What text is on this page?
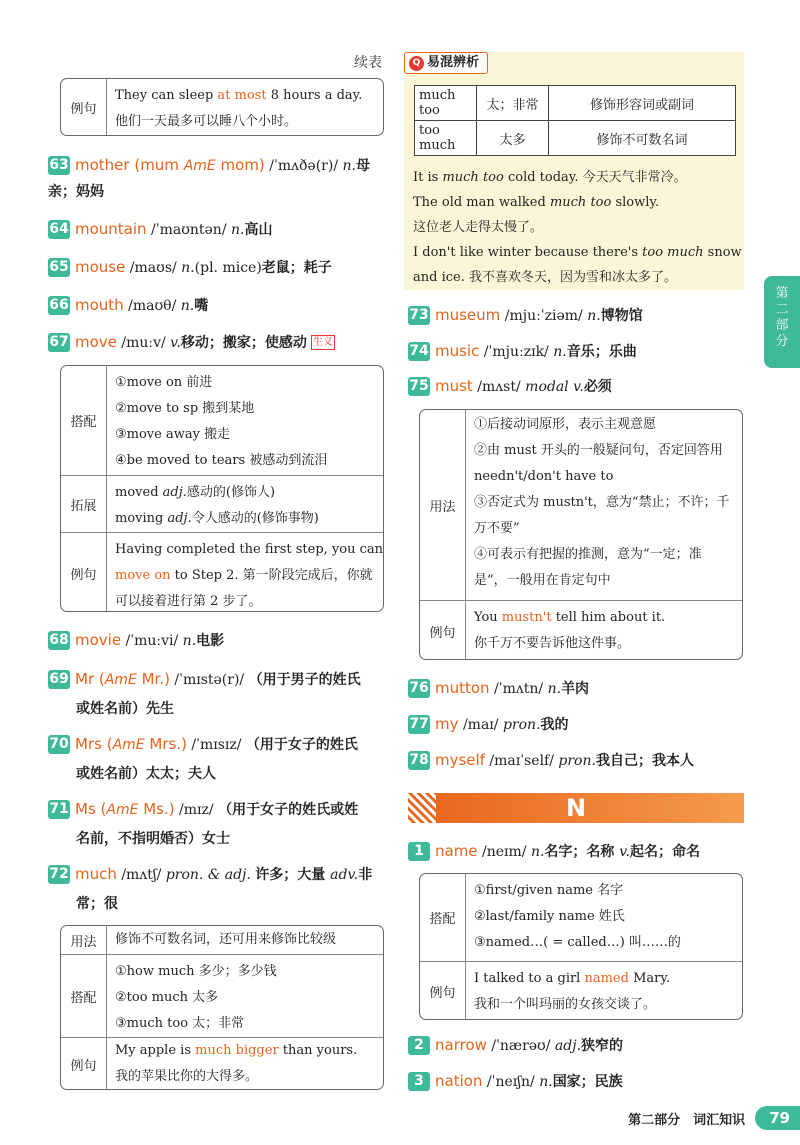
续表
例句
They can sleep at most 8 hours a day.
他们一天最多可以睡八个小时。
63 mother (mum AmE mom) /ˈmʌðə(r)/ n.母亲；妈妈
64 mountain /ˈmaʊntən/ n.高山
65 mouse /maʊs/ n.(pl. mice)老鼠；耗子
66 mouth /maʊθ/ n.嘴
67 move /muːv/ v.移动；搬家；使感动 生义
搭配
①move on 前进
②move to sp 搬到某地
③move away 搬走
④be moved to tears 被感动到流泪
拓展
moved adj.感动的(修饰人)
moving adj.令人感动的(修饰事物)
例句
Having completed the first step, you can
move on to Step 2. 第一阶段完成后，你就
可以接着进行第 2 步了。
68 movie /ˈmuːvi/ n.电影
69 Mr (AmE Mr.) /ˈmɪstə(r)/ （用于男子的姓氏
或姓名前）先生
70 Mrs (AmE Mrs.) /ˈmɪsɪz/ （用于女子的姓氏
或姓名前）太太；夫人
71 Ms (AmE Ms.) /mɪz/ （用于女子的姓氏或姓
名前，不指明婚否）女士
72 much /mʌtʃ/ pron. & adj. 许多；大量 adv.非
常；很
用法	修饰不可数名词，还可用来修饰比较级
搭配
①how much 多少；多少钱
②too much 太多
③much too 太；非常
例句
My apple is much bigger than yours.
我的苹果比你的大得多。
much too	太；非常	修饰形容词或副词
too much	太多	修饰不可数名词
It is much too cold today. 今天天气非常冷。
The old man walked much too slowly.
这位老人走得太慢了。
I don't like winter because there's too much snow
and ice. 我不喜欢冬天，因为雪和冰太多了。
Q 易混辨析
第
二
部
分
73 museum /mjuːˈziəm/ n.博物馆
74 music /ˈmjuːzɪk/ n.音乐；乐曲
75 must /mʌst/ modal v.必须
用法
①后接动词原形，表示主观意愿
②由 must 开头的一般疑问句，否定回答用
needn't/don't have to
③否定式为 mustn't，意为“禁止；不许；千
万不要”
④可表示有把握的推测，意为“一定；准
是”，一般用在肯定句中
例句
You mustn't tell him about it.
你千万不要告诉他这件事。
76 mutton /ˈmʌtn/ n.羊肉
77 my /maɪ/ pron.我的
78 myself /maɪˈself/ pron.我自己；我本人
N
1 name /neɪm/ n.名字；名称 v.起名；命名
搭配
①first/given name 名字
②last/family name 姓氏
③named…( = called…) 叫……的
例句
I talked to a girl named Mary.
我和一个叫玛丽的女孩交谈了。
2 narrow /ˈnærəʊ/ adj.狭窄的
3 nation /ˈneɪʃn/ n.国家；民族
第二部分　词汇知识	79
